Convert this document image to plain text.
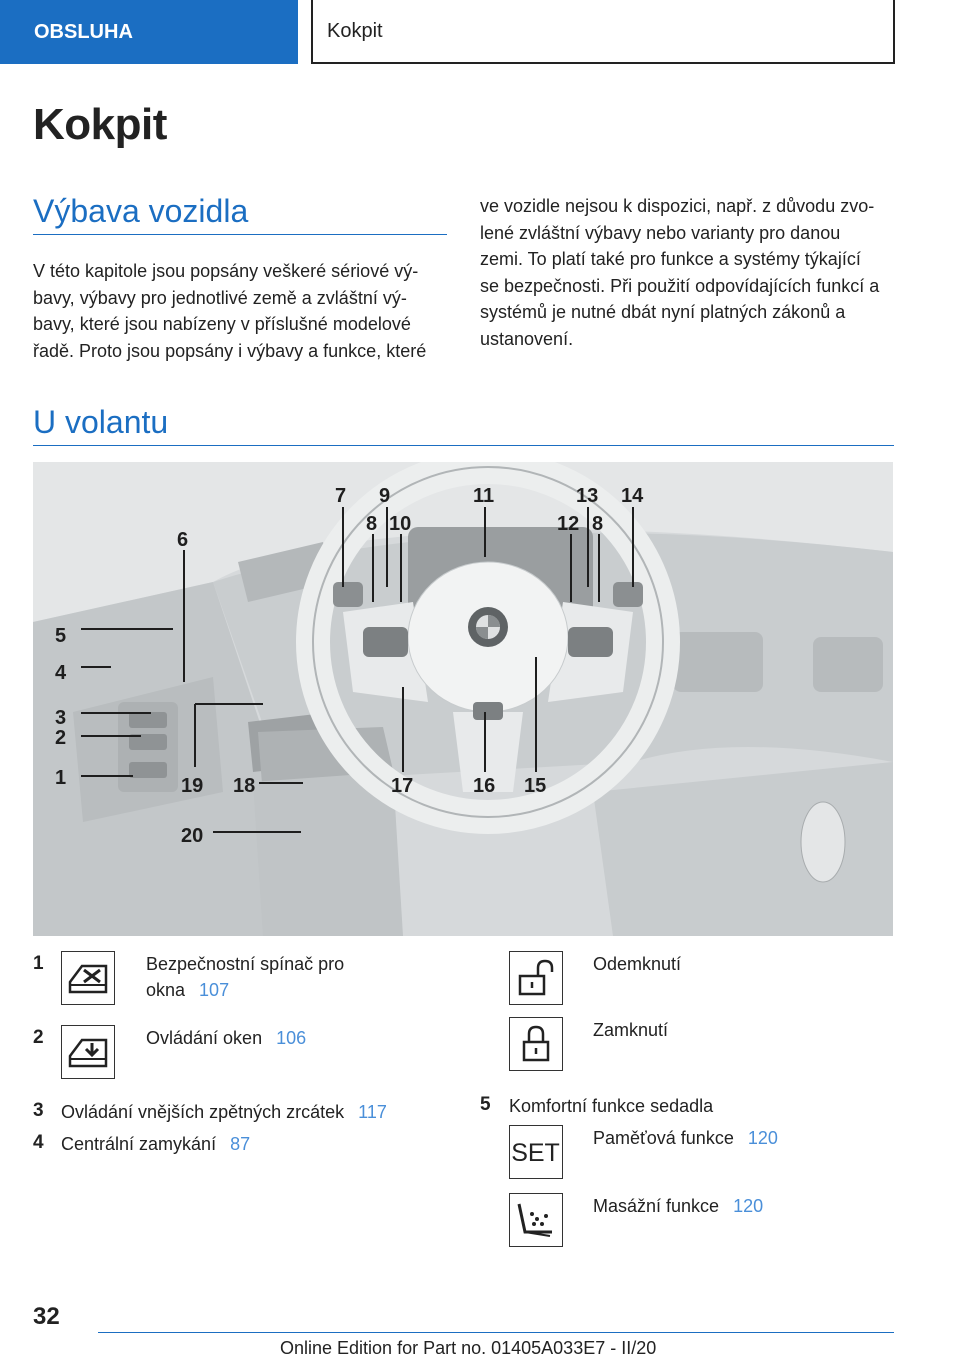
OBSLUHA	Kokpit
Kokpit
Výbava vozidla

V této kapitole jsou popsány veškeré sériové vý‐
bavy, výbavy pro jednotlivé země a zvláštní vý‐
bavy, které jsou nabízeny v příslušné modelové
řadě. Proto jsou popsány i výbavy a funkce, které

ve vozidle nejsou k dispozici, např. z důvodu zvo‐
lené zvláštní výbavy nebo varianty pro danou
zemi. To platí také pro funkce a systémy týkající
se bezpečnosti. Při použití odpovídajících funkcí a
systémů je nutné dbát nyní platných zákonů a
ustanovení.

U volantu
5
4
3
2
1
6
7
8
9
10
11
12
13
8
14
15
16
17
18
19
20
1	Bezpečnostní spínač pro
okna 107
2	Ovládání oken 106
3 Ovládání vnějších zpětných zrcátek 117
4 Centrální zamykání 87
Odemknutí
Zamknutí
5 Komfortní funkce sedadla
SET
Paměťová funkce 120
Masážní funkce 120
32
Online Edition for Part no. 01405A033E7 - II/20
